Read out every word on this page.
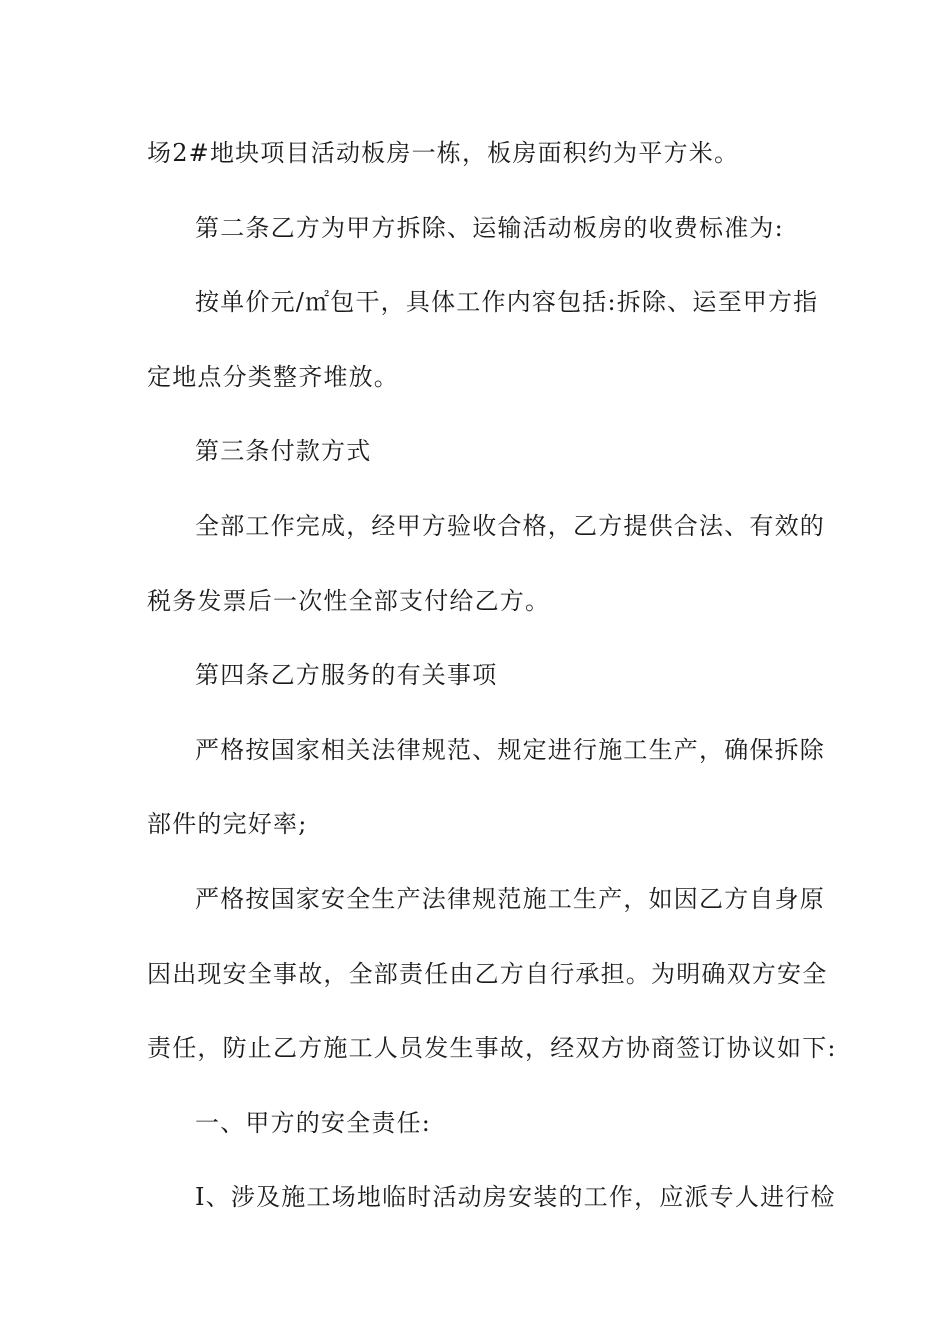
场2#地块项目活动板房一栋，板房面积约为平方米。
第二条乙方为甲方拆除、运输活动板房的收费标准为:
按单价元/㎡包干，具体工作内容包括:拆除、运至甲方指
定地点分类整齐堆放。
第三条付款方式
全部工作完成，经甲方验收合格，乙方提供合法、有效的
税务发票后一次性全部支付给乙方。
第四条乙方服务的有关事项
严格按国家相关法律规范、规定进行施工生产，确保拆除
部件的完好率;
严格按国家安全生产法律规范施工生产，如因乙方自身原
因出现安全事故，全部责任由乙方自行承担。为明确双方安全
责任，防止乙方施工人员发生事故，经双方协商签订协议如下:
一、甲方的安全责任:
I、涉及施工场地临时活动房安装的工作，应派专人进行检
